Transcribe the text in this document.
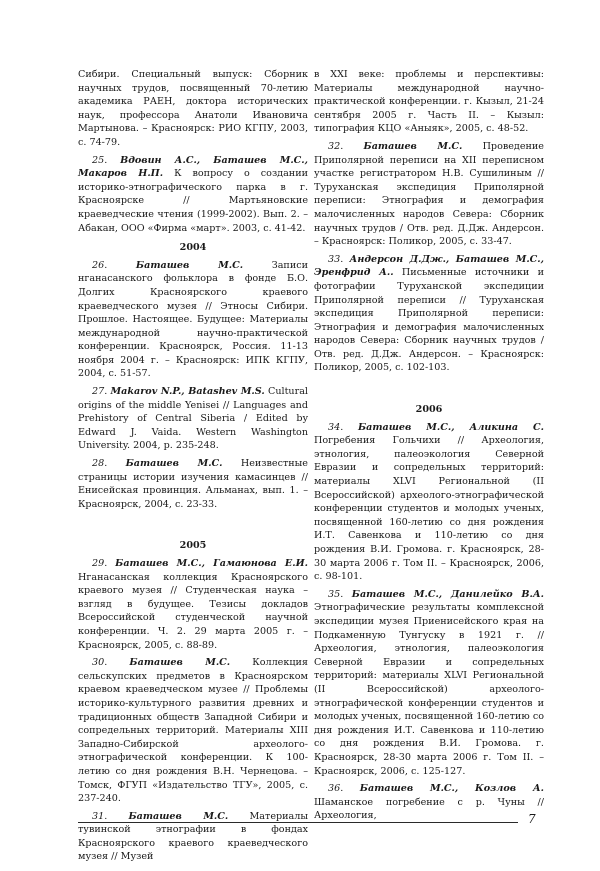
Сибири. Специальный выпуск: Сборник научных трудов, посвященный 70-летию академика РАЕН, доктора исторических наук, профессора Анатоли Ивановича Мартынова. – Красноярск: РИО КГПУ, 2003, с. 74-79.

25. Вдовин А.С., Баташев М.С., Макаров Н.П. К вопросу о создании историко-этнографического парка в г. Красноярске // Мартьяновские краеведческие чтения (1999-2002). Вып. 2. – Абакан, ООО «Фирма «март». 2003, с. 41-42.

2004

26.	Баташев М.С. Записи нганасанского фольклора в фонде Б.О. Долгих Красноярского краевого краеведческого музея // Этносы Сибири. Прошлое. Настоящее. Будущее: Материалы международной научно-практической конференции. Красноярск, Россия. 11-13 ноября 2004 г. – Красноярск: ИПК КГПУ, 2004, с. 51-57.

27. Makarov N.P., Batashev M.S. Cultural origins of the middle Yenisei // Languages and Prehistory of Central Siberia / Edited by Edward J. Vaida. Western Washington University. 2004, p. 235-248.

28. Баташев М.С. Неизвестные страницы истории изучения камасинцев // Енисейская провинция. Альманах, вып. 1. – Красноярск, 2004, с. 23-33.

2005

29. Баташев М.С., Гамаюнова Е.И. Нганасанская коллекция Красноярского краевого музея // Студенческая наука – взгляд в будущее. Тезисы докладов Всероссийской студенческой научной конференции. Ч. 2. 29 марта 2005 г. – Красноярск, 2005, с. 88-89.

30. Баташев М.С. Коллекция сельскупских предметов в Красноярском краевом краеведческом музее // Проблемы историко-культурного развития древних и традиционных обществ Западной Сибири и сопредельных территорий. Материалы XIII Западно-Сибирской археолого-этнографической конференции. К 100-летию со дня рождения В.Н. Чернецова. – Томск, ФГУП «Издательство ТГУ», 2005, с. 237-240.

31. Баташев М.С. Материалы тувинской этнографии в фондах Красноярского краевого краеведческого музея // Музей

в XXI веке: проблемы и перспективы: Материалы международной научно-практической конференции. г. Кызыл, 21-24 сентября 2005 г. Часть II. – Кызыл: типография КЦО «Аныяк», 2005, с. 48-52.

32. Баташев М.С. Проведение Приполярной переписи на XII переписном участке регистратором Н.В. Сушилиным // Туруханская экспедиция Приполярной переписи: Этнография и демография малочисленных народов Севера: Сборник научных трудов / Отв. ред. Д.Дж. Андерсон. – Красноярск: Поликор, 2005, с. 33-47.

33. Андерсон Д.Дж., Баташев М.С., Эренфрид А.. Письменные источники и фотографии Туруханской экспедиции Приполярной переписи // Туруханская экспедиция Приполярной переписи: Этнография и демография малочисленных народов Севера: Сборник научных трудов / Отв. ред. Д.Дж. Андерсон. – Красноярск: Поликор, 2005, с. 102-103.

2006

34. Баташев М.С., Аликина С. Погребения Гольчихи // Археология, этнология, палеоэкология Северной Евразии и сопредельных территорий: материалы XLVI Региональной (II Всероссийской) археолого-этнографической конференции студентов и молодых ученых, посвященной 160-летию со дня рождения И.Т. Савенкова и 110-летию со дня рождения В.И. Громова. г. Красноярск, 28-30 марта 2006 г. Том II. – Красноярск, 2006, с. 98-101.

35. Баташев М.С., Данилейко В.А. Этнографические результаты комплексной экспедиции музея Приенисейского края на Подкаменную Тунгуску в 1921 г. // Археология, этнология, палеоэкология Северной Евразии и сопредельных территорий: материалы XLVI Региональной (II Всероссийской) археолого-этнографической конференции студентов и молодых ученых, посвященной 160-летию со дня рождения И.Т. Савенкова и 110-летию со дня рождения В.И. Громова. г. Красноярск, 28-30 марта 2006 г. Том II. – Красноярск, 2006, с. 125-127.

36. Баташев М.С., Козлов А. Шаманское погребение с р. Чуны // Археология,	7
